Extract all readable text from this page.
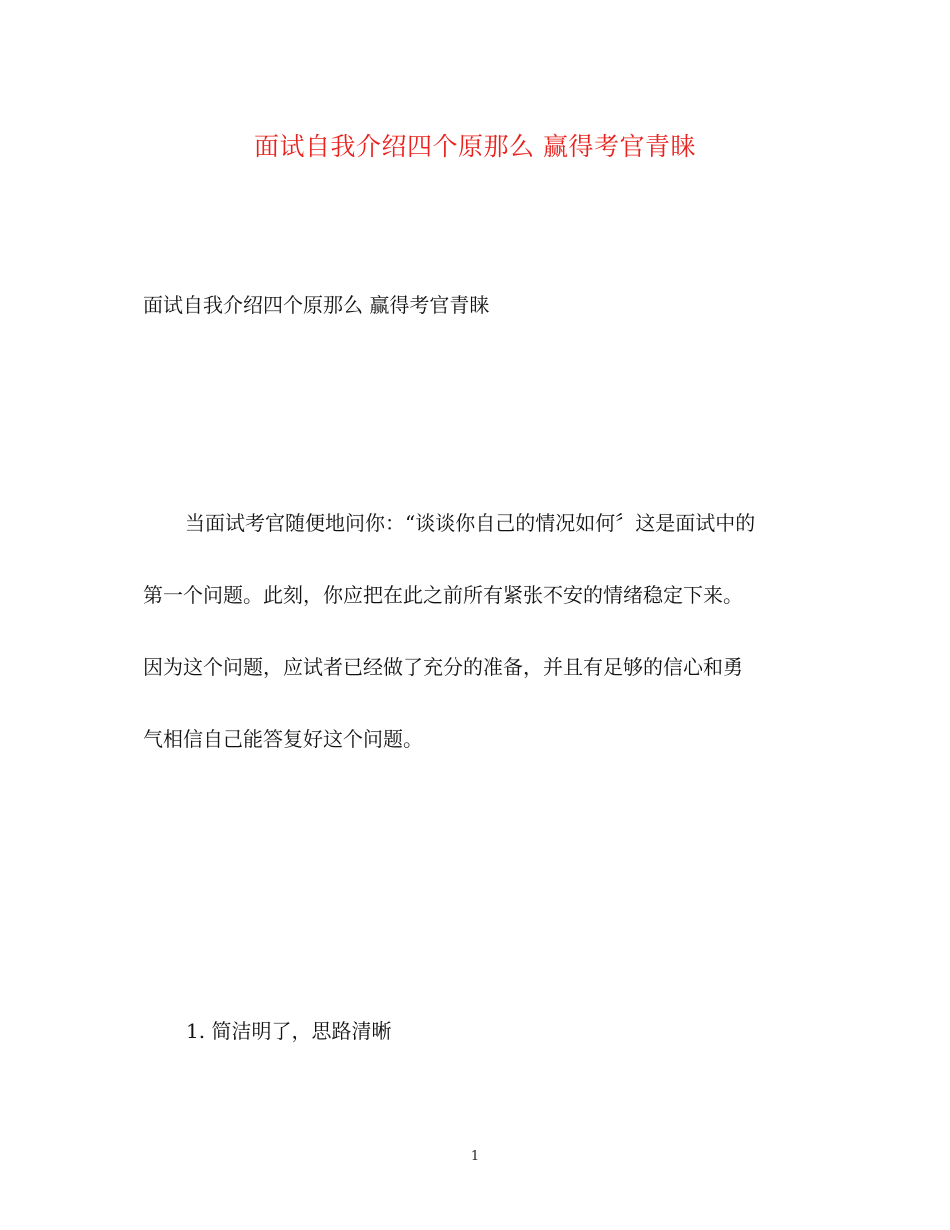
面试自我介绍四个原那么 赢得考官青睐

面试自我介绍四个原那么 赢得考官青睐

当面试考官随便地问你：“谈谈你自己的情况如何〞这是面试中的
第一个问题。此刻，你应把在此之前所有紧张不安的情绪稳定下来。
因为这个问题，应试者已经做了充分的准备，并且有足够的信心和勇
气相信自己能答复好这个问题。

1. 简洁明了，思路清晰

1
